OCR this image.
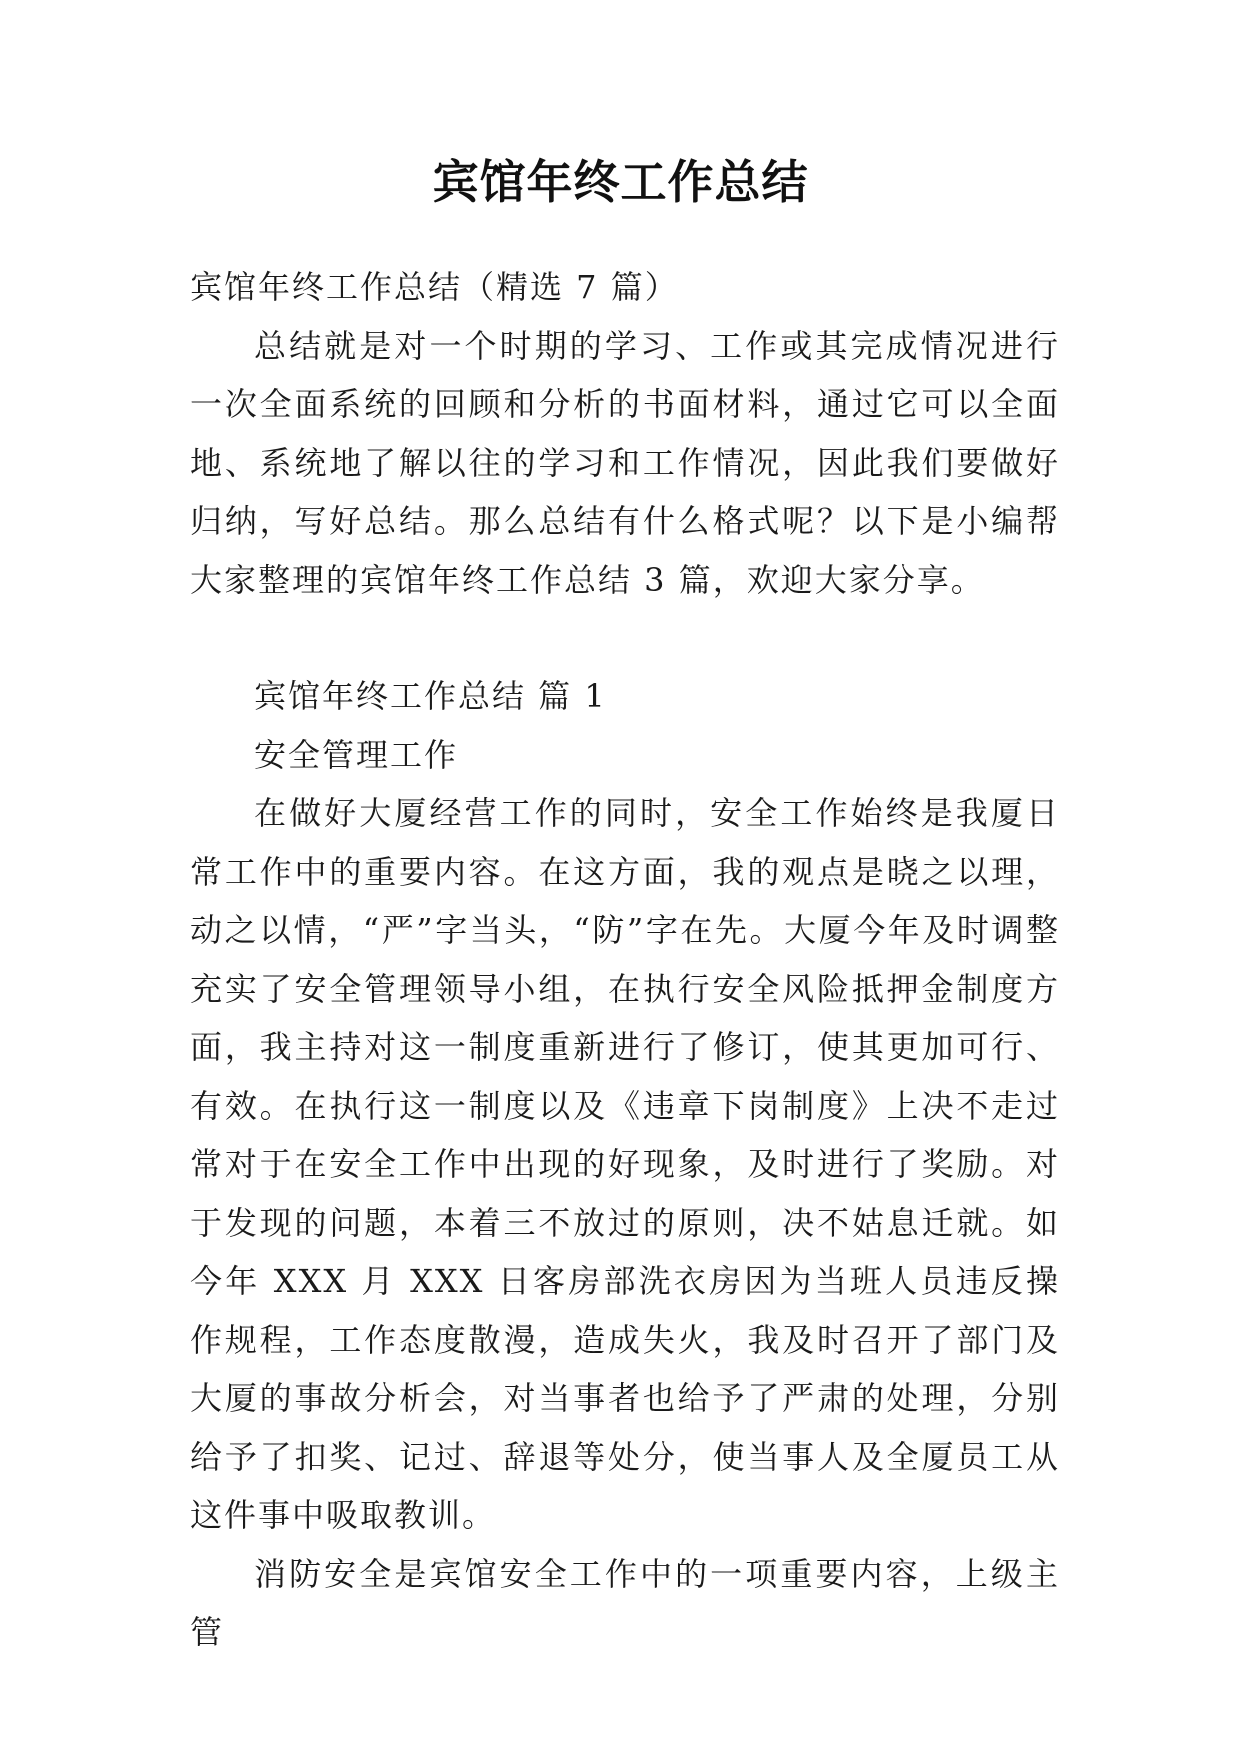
宾馆年终工作总结

宾馆年终工作总结（精选 7 篇）

总结就是对一个时期的学习、工作或其完成情况进行一次全面系统的回顾和分析的书面材料，通过它可以全面地、系统地了解以往的学习和工作情况，因此我们要做好归纳，写好总结。那么总结有什么格式呢？以下是小编帮大家整理的宾馆年终工作总结 3 篇，欢迎大家分享。

宾馆年终工作总结 篇 1

安全管理工作

在做好大厦经营工作的同时，安全工作始终是我厦日常工作中的重要内容。在这方面，我的观点是晓之以理，动之以情，“严”字当头，“防”字在先。大厦今年及时调整充实了安全管理领导小组，在执行安全风险抵押金制度方面，我主持对这一制度重新进行了修订，使其更加可行、有效。在执行这一制度以及《违章下岗制度》上决不走过常对于在安全工作中出现的好现象，及时进行了奖励。对于发现的问题，本着三不放过的原则，决不姑息迁就。如今年 XXX 月 XXX 日客房部洗衣房因为当班人员违反操作规程，工作态度散漫，造成失火，我及时召开了部门及大厦的事故分析会，对当事者也给予了严肃的处理，分别给予了扣奖、记过、辞退等处分，使当事人及全厦员工从这件事中吸取教训。

消防安全是宾馆安全工作中的一项重要内容，上级主管
